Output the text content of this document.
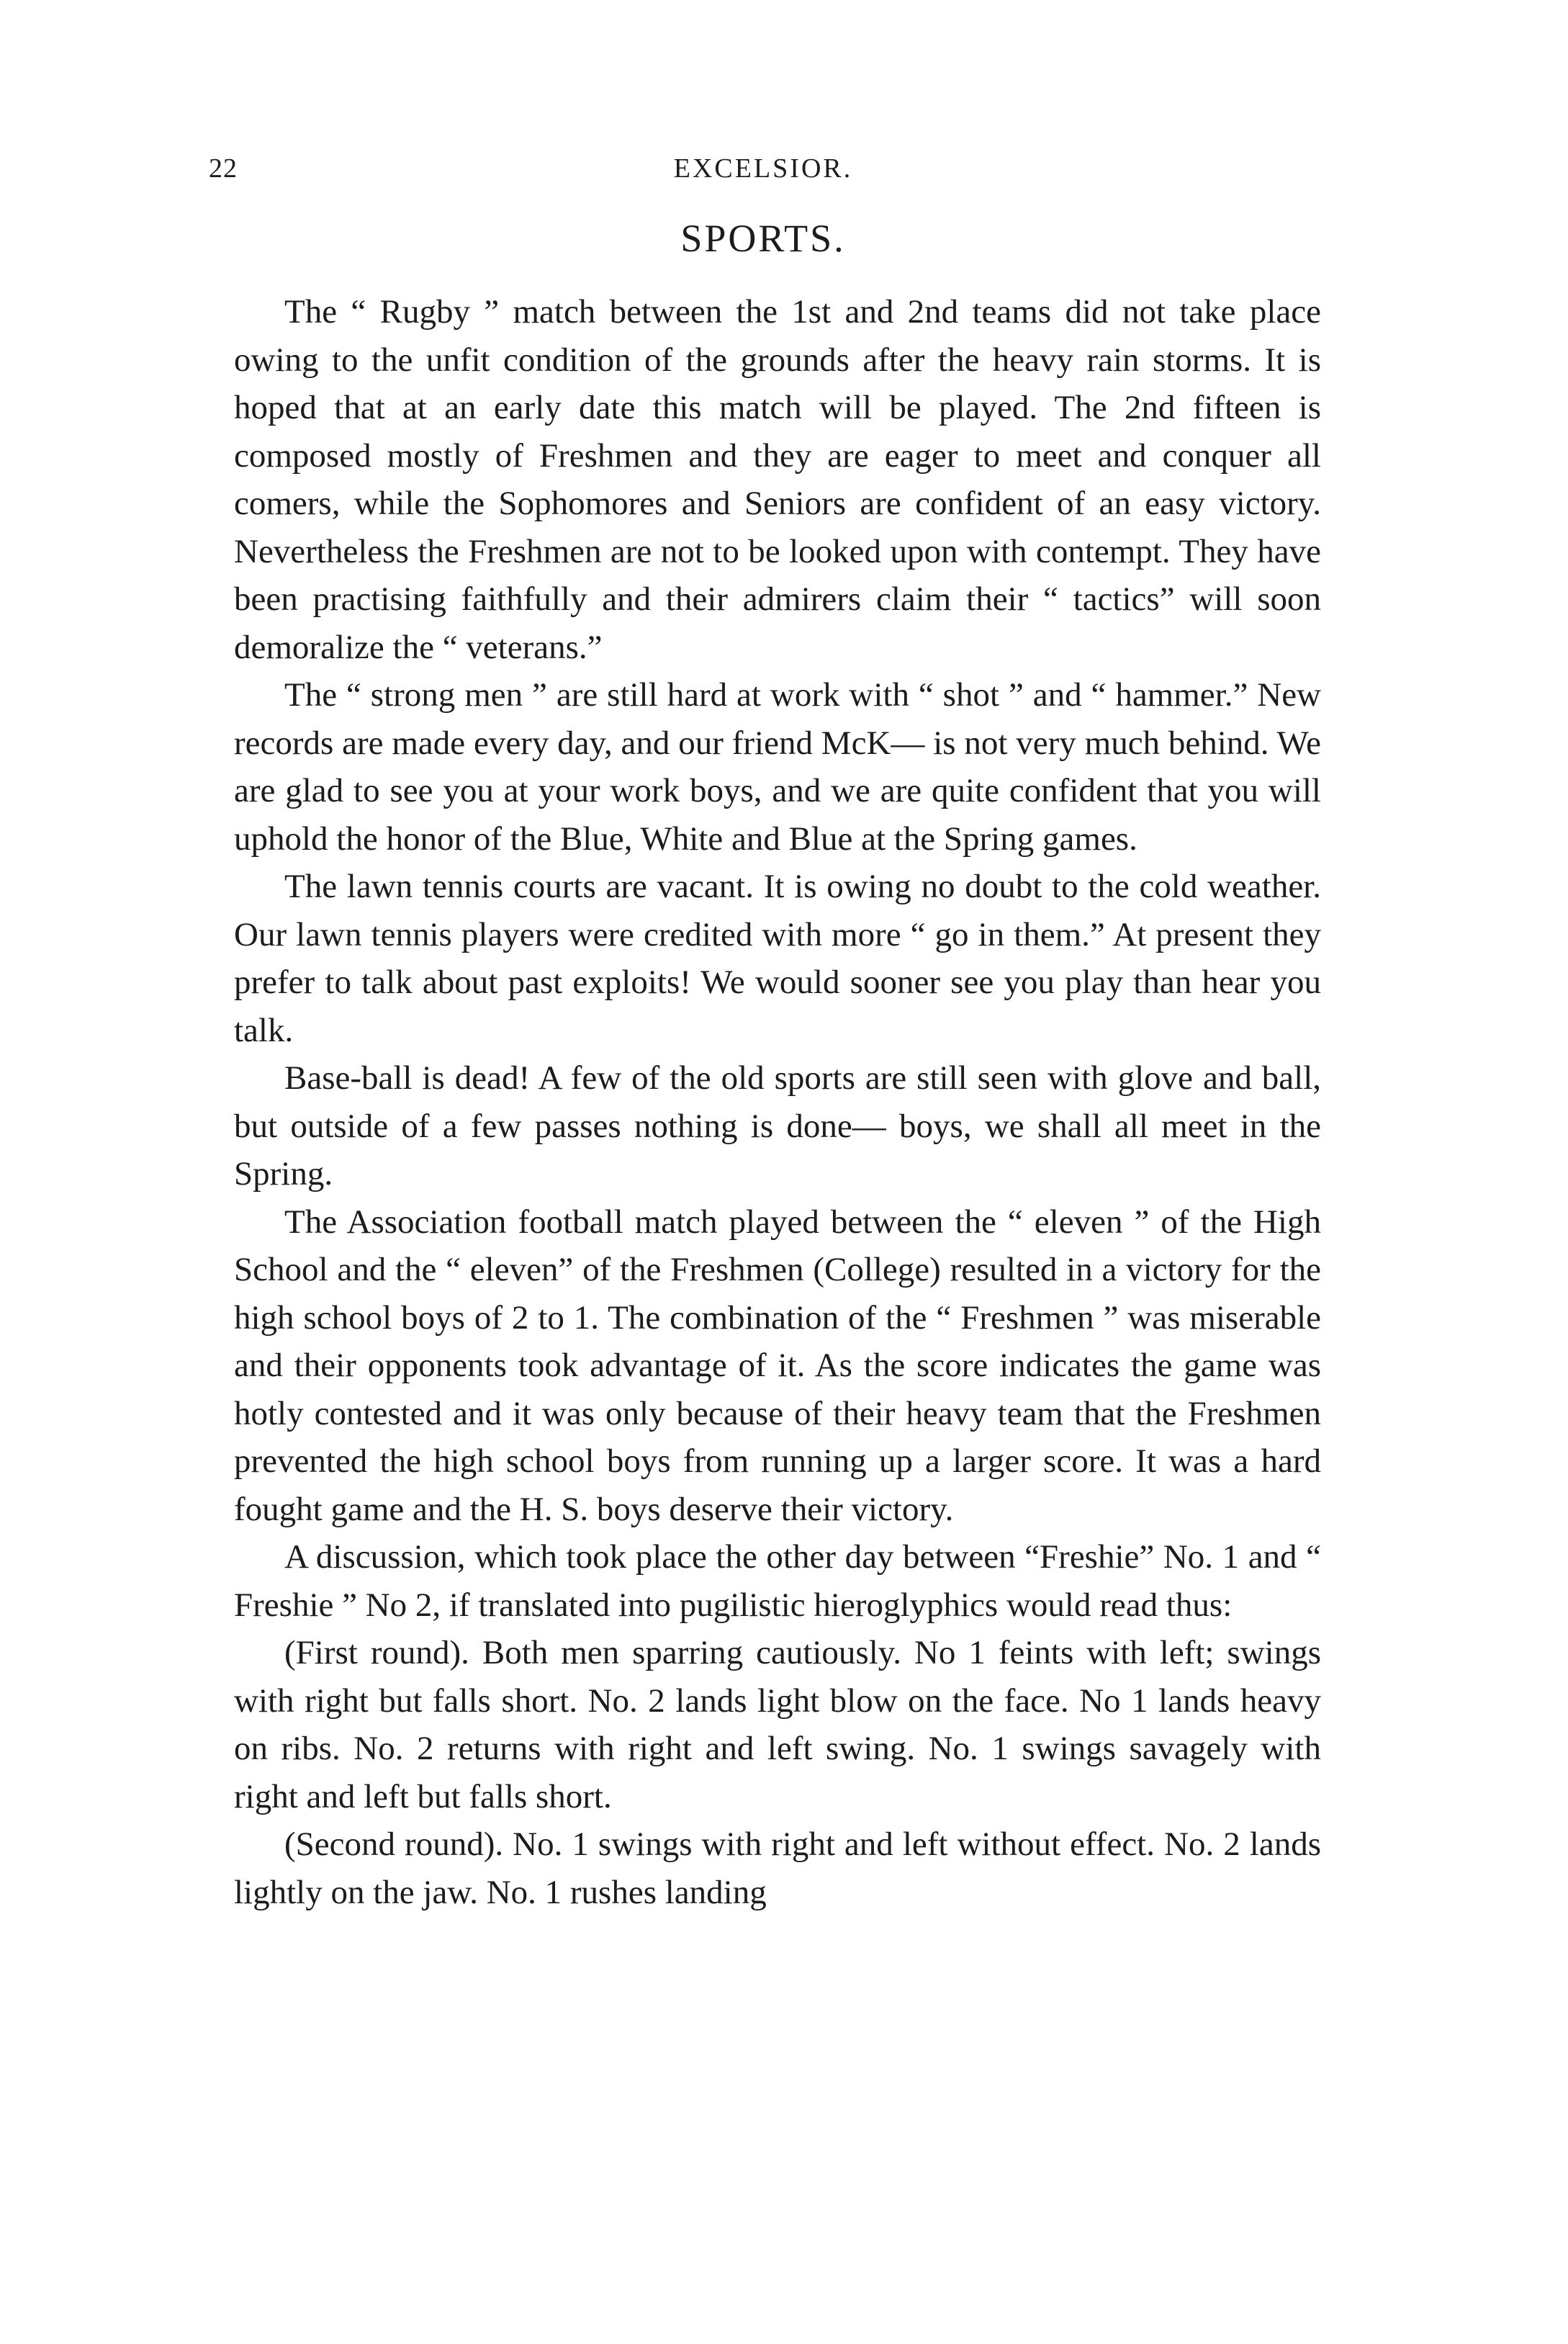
22	EXCELSIOR.
SPORTS.

The “ Rugby ” match between the 1st and 2nd teams did not take place owing to the unfit condition of the grounds after the heavy rain storms. It is hoped that at an early date this match will be played. The 2nd fifteen is composed mostly of Freshmen and they are eager to meet and conquer all comers, while the Sophomores and Seniors are confident of an easy victory. Nevertheless the Freshmen are not to be looked upon with contempt. They have been practising faithfully and their admirers claim their “ tactics” will soon demoralize the “ veterans.”

The “ strong men ” are still hard at work with “ shot ” and “ hammer.” New records are made every day, and our friend McK— is not very much behind. We are glad to see you at your work boys, and we are quite confident that you will uphold the honor of the Blue, White and Blue at the Spring games.

The lawn tennis courts are vacant. It is owing no doubt to the cold weather. Our lawn tennis players were credited with more “ go in them.” At present they prefer to talk about past exploits! We would sooner see you play than hear you talk.

Base-ball is dead! A few of the old sports are still seen with glove and ball, but outside of a few passes nothing is done— boys, we shall all meet in the Spring.

The Association football match played between the “ eleven ” of the High School and the “ eleven” of the Freshmen (College) resulted in a victory for the high school boys of 2 to 1. The combination of the “ Freshmen ” was miserable and their opponents took advantage of it. As the score indicates the game was hotly contested and it was only because of their heavy team that the Freshmen prevented the high school boys from running up a larger score. It was a hard fought game and the H. S. boys deserve their victory.

A discussion, which took place the other day between “Freshie” No. 1 and “ Freshie ” No 2, if translated into pugilistic hieroglyphics would read thus:

(First round). Both men sparring cautiously. No 1 feints with left; swings with right but falls short. No. 2 lands light blow on the face. No 1 lands heavy on ribs. No. 2 returns with right and left swing. No. 1 swings savagely with right and left but falls short.

(Second round). No. 1 swings with right and left without effect. No. 2 lands lightly on the jaw. No. 1 rushes landing
